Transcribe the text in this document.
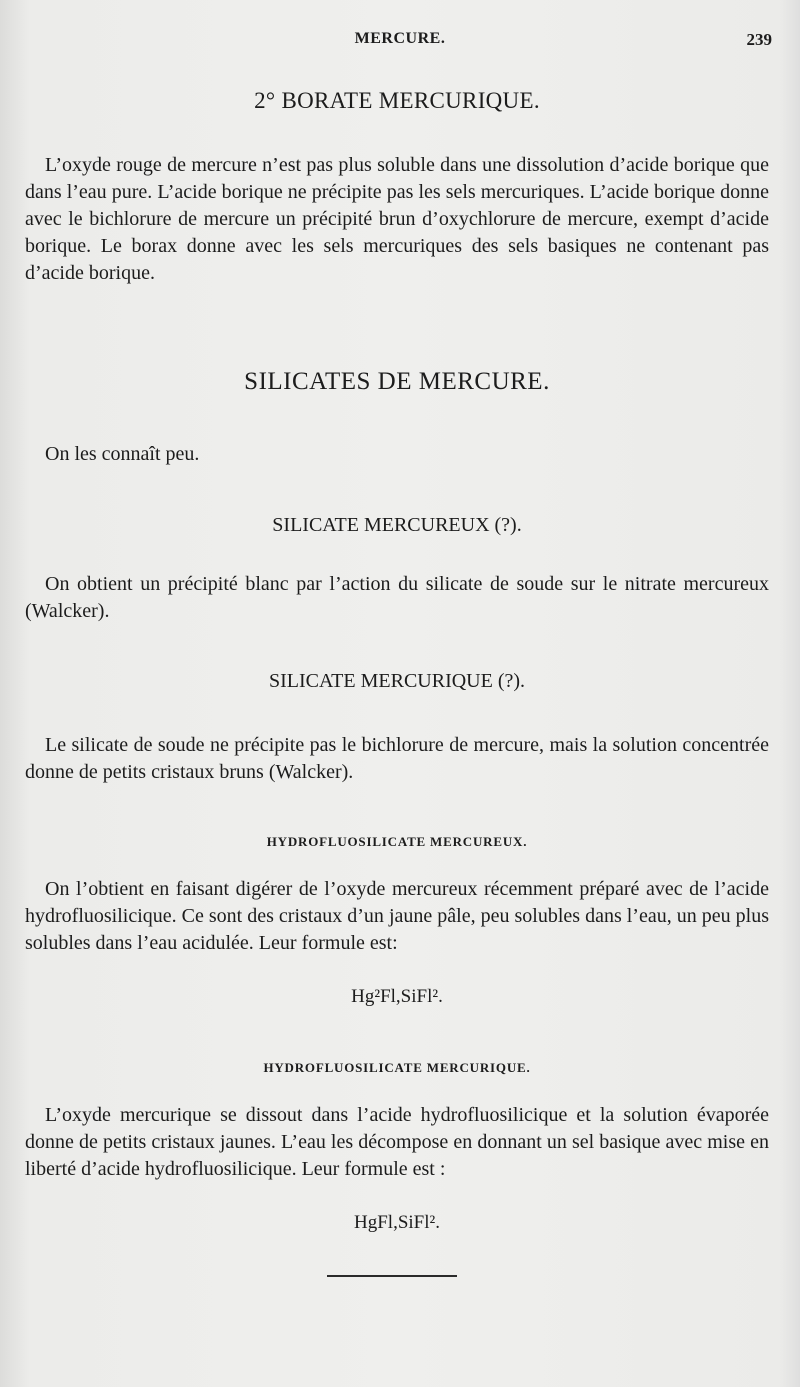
MERCURE.	239
2° BORATE MERCURIQUE.

L’oxyde rouge de mercure n’est pas plus soluble dans une dissolution d’acide borique que dans l’eau pure. L’acide borique ne précipite pas les sels mercuriques. L’acide borique donne avec le bichlorure de mercure un précipité brun d’oxychlorure de mercure, exempt d’acide borique. Le borax donne avec les sels mercuriques des sels basiques ne contenant pas d’acide borique.

SILICATES DE MERCURE.

On les connaît peu.

SILICATE MERCUREUX (?).

On obtient un précipité blanc par l’action du silicate de soude sur le nitrate mercureux (Walcker).

SILICATE MERCURIQUE (?).

Le silicate de soude ne précipite pas le bichlorure de mercure, mais la solution concentrée donne de petits cristaux bruns (Walcker).

HYDROFLUOSILICATE MERCUREUX.

On l’obtient en faisant digérer de l’oxyde mercureux récemment préparé avec de l’acide hydrofluosilicique. Ce sont des cristaux d’un jaune pâle, peu solubles dans l’eau, un peu plus solubles dans l’eau acidulée. Leur formule est:

Hg²Fl,SiFl².
HYDROFLUOSILICATE MERCURIQUE.

L’oxyde mercurique se dissout dans l’acide hydrofluosilicique et la solution évaporée donne de petits cristaux jaunes. L’eau les décompose en donnant un sel basique avec mise en liberté d’acide hydrofluosilicique. Leur formule est :

HgFl,SiFl².
